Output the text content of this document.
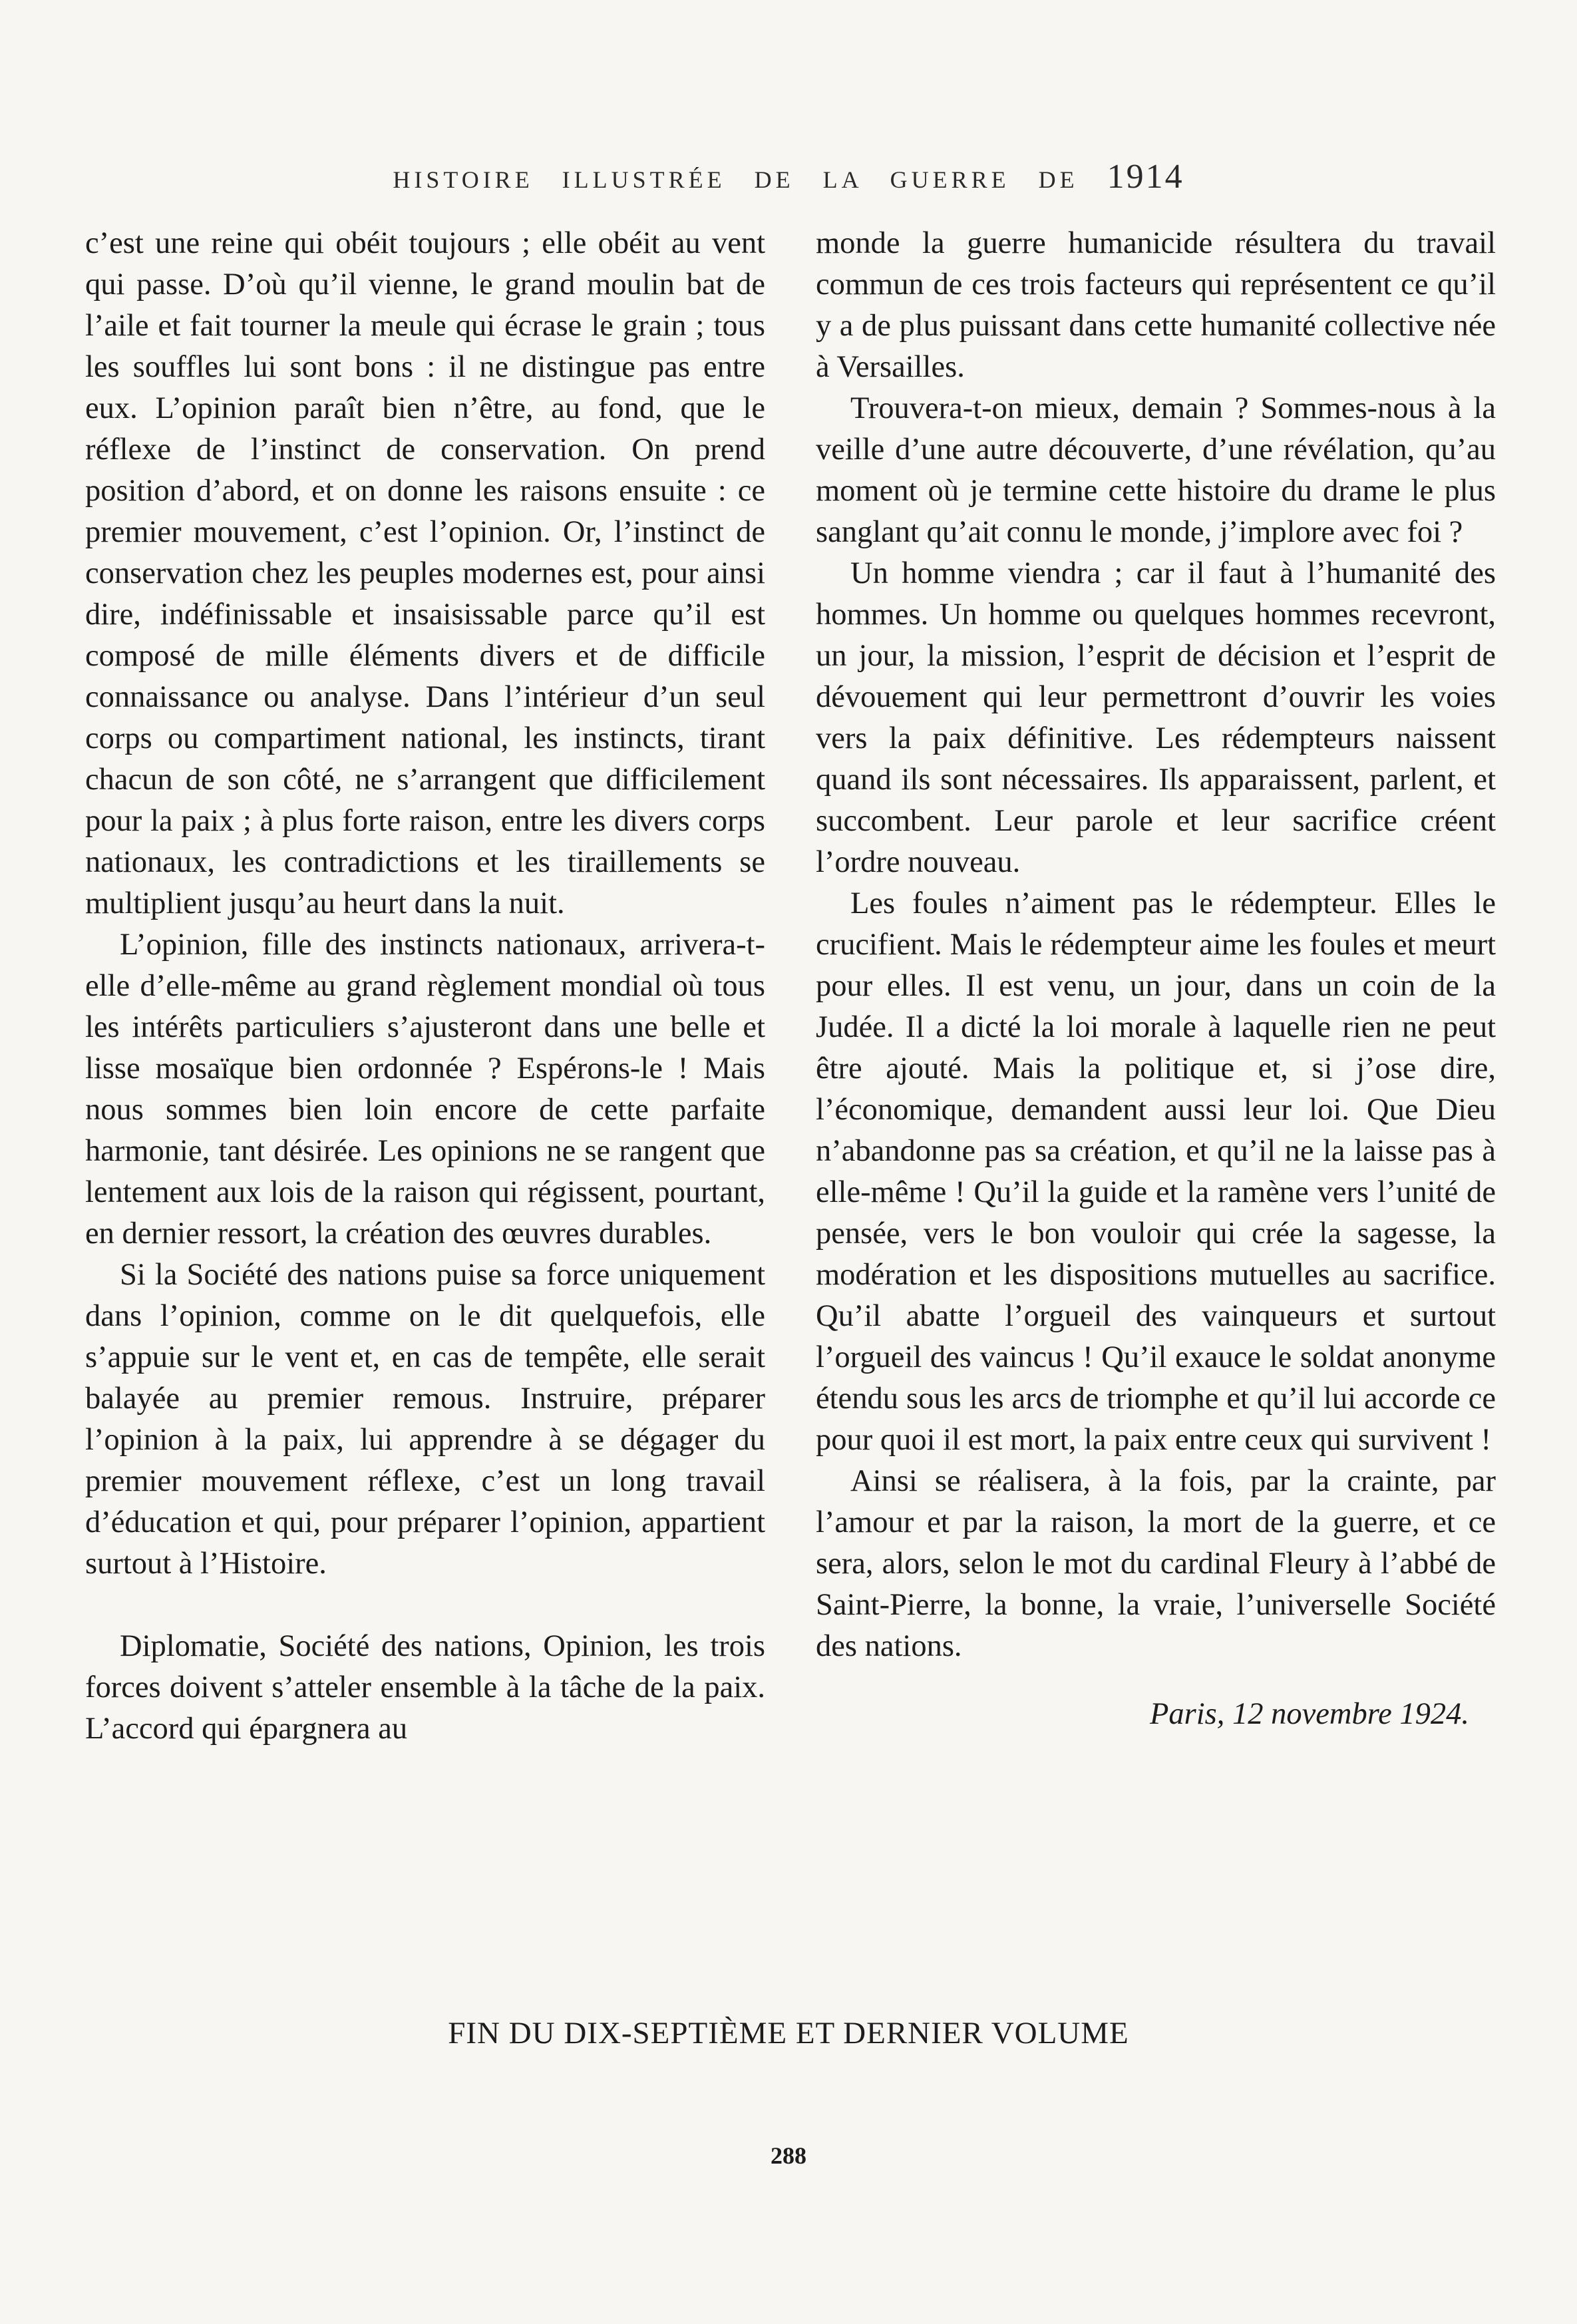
HISTOIRE ILLUSTRÉE DE LA GUERRE DE 1914

c’est une reine qui obéit toujours ; elle obéit au vent qui passe. D’où qu’il vienne, le grand moulin bat de l’aile et fait tourner la meule qui écrase le grain ; tous les souffles lui sont bons : il ne distingue pas entre eux. L’opinion paraît bien n’être, au fond, que le réflexe de l’instinct de conservation. On prend position d’abord, et on donne les raisons ensuite : ce premier mouvement, c’est l’opinion. Or, l’instinct de conservation chez les peuples modernes est, pour ainsi dire, indéfinissable et insaisissable parce qu’il est composé de mille éléments divers et de difficile connaissance ou analyse. Dans l’intérieur d’un seul corps ou compartiment national, les instincts, tirant chacun de son côté, ne s’arrangent que difficilement pour la paix ; à plus forte raison, entre les divers corps nationaux, les contradictions et les tiraillements se multiplient jusqu’au heurt dans la nuit.

L’opinion, fille des instincts nationaux, arrivera-t-elle d’elle-même au grand règlement mondial où tous les intérêts particuliers s’ajusteront dans une belle et lisse mosaïque bien ordonnée ? Espérons-le ! Mais nous sommes bien loin encore de cette parfaite harmonie, tant désirée. Les opinions ne se rangent que lentement aux lois de la raison qui régissent, pourtant, en dernier ressort, la création des œuvres durables.

Si la Société des nations puise sa force uniquement dans l’opinion, comme on le dit quelquefois, elle s’appuie sur le vent et, en cas de tempête, elle serait balayée au premier remous. Instruire, préparer l’opinion à la paix, lui apprendre à se dégager du premier mouvement réflexe, c’est un long travail d’éducation et qui, pour préparer l’opinion, appartient surtout à l’Histoire.

Diplomatie, Société des nations, Opinion, les trois forces doivent s’atteler ensemble à la tâche de la paix. L’accord qui épargnera au

monde la guerre humanicide résultera du travail commun de ces trois facteurs qui représentent ce qu’il y a de plus puissant dans cette humanité collective née à Versailles.

Trouvera-t-on mieux, demain ? Sommes-nous à la veille d’une autre découverte, d’une révélation, qu’au moment où je termine cette histoire du drame le plus sanglant qu’ait connu le monde, j’implore avec foi ?

Un homme viendra ; car il faut à l’humanité des hommes. Un homme ou quelques hommes recevront, un jour, la mission, l’esprit de décision et l’esprit de dévouement qui leur permettront d’ouvrir les voies vers la paix définitive. Les rédempteurs naissent quand ils sont nécessaires. Ils apparaissent, parlent, et succombent. Leur parole et leur sacrifice créent l’ordre nouveau.

Les foules n’aiment pas le rédempteur. Elles le crucifient. Mais le rédempteur aime les foules et meurt pour elles. Il est venu, un jour, dans un coin de la Judée. Il a dicté la loi morale à laquelle rien ne peut être ajouté. Mais la politique et, si j’ose dire, l’économique, demandent aussi leur loi. Que Dieu n’abandonne pas sa création, et qu’il ne la laisse pas à elle-même ! Qu’il la guide et la ramène vers l’unité de pensée, vers le bon vouloir qui crée la sagesse, la modération et les dispositions mutuelles au sacrifice. Qu’il abatte l’orgueil des vainqueurs et surtout l’orgueil des vaincus ! Qu’il exauce le soldat anonyme étendu sous les arcs de triomphe et qu’il lui accorde ce pour quoi il est mort, la paix entre ceux qui survivent !

Ainsi se réalisera, à la fois, par la crainte, par l’amour et par la raison, la mort de la guerre, et ce sera, alors, selon le mot du cardinal Fleury à l’abbé de Saint-Pierre, la bonne, la vraie, l’universelle Société des nations.

Paris, 12 novembre 1924.
FIN DU DIX-SEPTIÈME ET DERNIER VOLUME
288
